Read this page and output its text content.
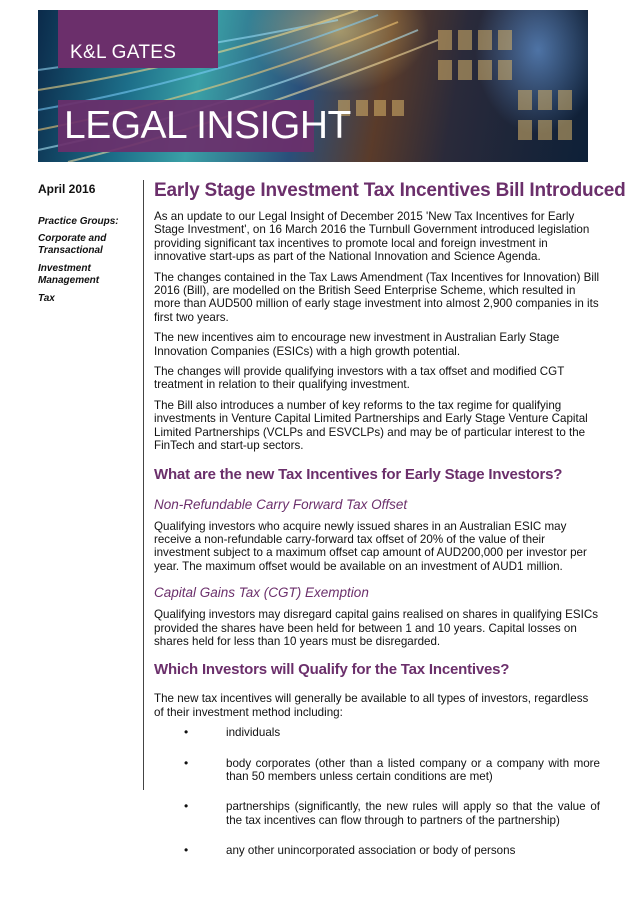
K&L GATES
LEGAL INSIGHT
April 2016
Practice Groups:
Corporate and Transactional
Investment Management
Tax
Early Stage Investment Tax Incentives Bill Introduced

As an update to our Legal Insight of December 2015 'New Tax Incentives for Early Stage Investment', on 16 March 2016 the Turnbull Government introduced legislation providing significant tax incentives to promote local and foreign investment in innovative start-ups as part of the National Innovation and Science Agenda.

The changes contained in the Tax Laws Amendment (Tax Incentives for Innovation) Bill 2016 (Bill), are modelled on the British Seed Enterprise Scheme, which resulted in more than AUD500 million of early stage investment into almost 2,900 companies in its first two years.

The new incentives aim to encourage new investment in Australian Early Stage Innovation Companies (ESICs) with a high growth potential.

The changes will provide qualifying investors with a tax offset and modified CGT treatment in relation to their qualifying investment.

The Bill also introduces a number of key reforms to the tax regime for qualifying investments in Venture Capital Limited Partnerships and Early Stage Venture Capital Limited Partnerships (VCLPs and ESVCLPs) and may be of particular interest to the FinTech and start-up sectors.

What are the new Tax Incentives for Early Stage Investors?
Non-Refundable Carry Forward Tax Offset

Qualifying investors who acquire newly issued shares in an Australian ESIC may receive a non-refundable carry-forward tax offset of 20% of the value of their investment subject to a maximum offset cap amount of AUD200,000 per investor per year. The maximum offset would be available on an investment of AUD1 million.

Capital Gains Tax (CGT) Exemption

Qualifying investors may disregard capital gains realised on shares in qualifying ESICs provided the shares have been held for between 1 and 10 years. Capital losses on shares held for less than 10 years must be disregarded.

Which Investors will Qualify for the Tax Incentives?

The new tax incentives will generally be available to all types of investors, regardless of their investment method including:

•	individuals
•	body corporates (other than a listed company or a company with more than 50 members unless certain conditions are met)
•	partnerships (significantly, the new rules will apply so that the value of the tax incentives can flow through to partners of the partnership)
•	any other unincorporated association or body of persons
